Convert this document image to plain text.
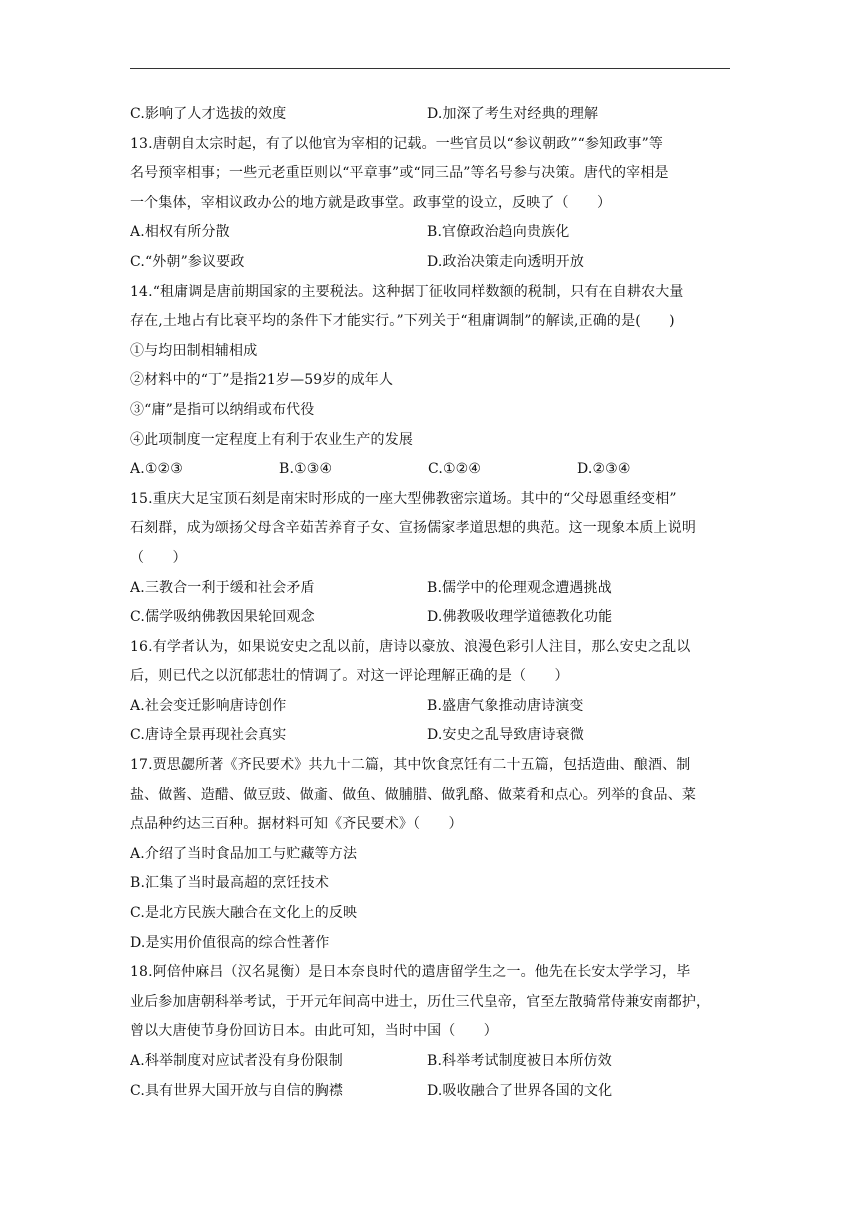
C.影响了人才选拔的效度	D.加深了考生对经典的理解
13.唐朝自太宗时起，有了以他官为宰相的记载。一些官员以“参议朝政”“参知政事”等
名号预宰相事；一些元老重臣则以“平章事”或“同三品”等名号参与决策。唐代的宰相是
一个集体，宰相议政办公的地方就是政事堂。政事堂的设立，反映了（　　）
A.相权有所分散	B.官僚政治趋向贵族化
C.“外朝”参议要政	D.政治决策走向透明开放
14.“租庸调是唐前期国家的主要税法。这种据丁征收同样数额的税制，只有在自耕农大量
存在,土地占有比衰平均的条件下才能实行。”下列关于“租庸调制”的解读,正确的是(　　)
①与均田制相辅相成
②材料中的“丁”是指21岁—59岁的成年人
③“庸”是指可以纳绢或布代役
④此项制度一定程度上有利于农业生产的发展
A.①②③	B.①③④	C.①②④	D.②③④
15.重庆大足宝顶石刻是南宋时形成的一座大型佛教密宗道场。其中的“父母恩重经变相”
石刻群，成为颂扬父母含辛茹苦养育子女、宣扬儒家孝道思想的典范。这一现象本质上说明
（　　）
A.三教合一利于缓和社会矛盾	B.儒学中的伦理观念遭遇挑战
C.儒学吸纳佛教因果轮回观念	D.佛教吸收理学道德教化功能
16.有学者认为，如果说安史之乱以前，唐诗以豪放、浪漫色彩引人注目，那么安史之乱以
后，则已代之以沉郁悲壮的情调了。对这一评论理解正确的是（　　）
A.社会变迁影响唐诗创作	B.盛唐气象推动唐诗演变
C.唐诗全景再现社会真实	D.安史之乱导致唐诗衰微
17.贾思勰所著《齐民要术》共九十二篇，其中饮食烹饪有二十五篇，包括造曲、酿酒、制
盐、做酱、造醋、做豆豉、做齑、做鱼、做脯腊、做乳酪、做菜肴和点心。列举的食品、菜
点品种约达三百种。据材料可知《齐民要术》（　　）
A.介绍了当时食品加工与贮藏等方法
B.汇集了当时最高超的烹饪技术
C.是北方民族大融合在文化上的反映
D.是实用价值很高的综合性著作
18.阿倍仲麻吕（汉名晁衡）是日本奈良时代的遣唐留学生之一。他先在长安太学学习，毕
业后参加唐朝科举考试，于开元年间高中进士，历仕三代皇帝，官至左散骑常侍兼安南都护，
曾以大唐使节身份回访日本。由此可知，当时中国（　　）
A.科举制度对应试者没有身份限制	B.科举考试制度被日本所仿效
C.具有世界大国开放与自信的胸襟	D.吸收融合了世界各国的文化
